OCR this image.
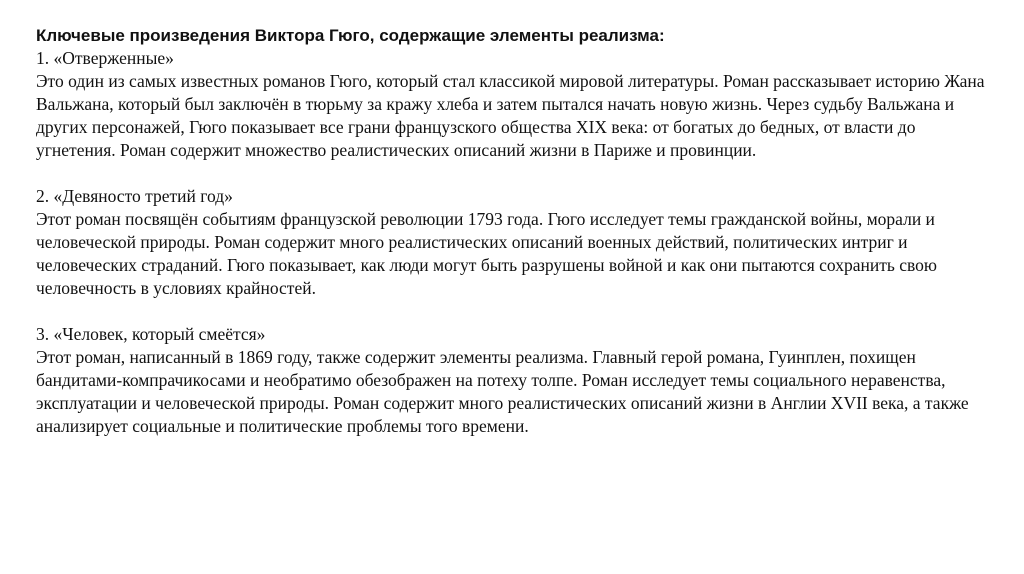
Ключевые произведения Виктора Гюго, содержащие элементы реализма:

1. «Отверженные»

Это один из самых известных романов Гюго, который стал классикой мировой литературы. Роман рассказывает историю Жана Вальжана, который был заключён в тюрьму за кражу хлеба и затем пытался начать новую жизнь. Через судьбу Вальжана и других персонажей, Гюго показывает все грани французского общества XIX века: от богатых до бедных, от власти до угнетения. Роман содержит множество реалистических описаний жизни в Париже и провинции.

2. «Девяносто третий год»

Этот роман посвящён событиям французской революции 1793 года. Гюго исследует темы гражданской войны, морали и человеческой природы. Роман содержит много реалистических описаний военных действий, политических интриг и человеческих страданий. Гюго показывает, как люди могут быть разрушены войной и как они пытаются сохранить свою человечность в условиях крайностей.

3. «Человек, который смеётся»

Этот роман, написанный в 1869 году, также содержит элементы реализма. Главный герой романа, Гуинплен, похищен бандитами-компрачикосами и необратимо обезображен на потеху толпе. Роман исследует темы социального неравенства, эксплуатации и человеческой природы. Роман содержит много реалистических описаний жизни в Англии XVII века, а также анализирует социальные и политические проблемы того времени.
